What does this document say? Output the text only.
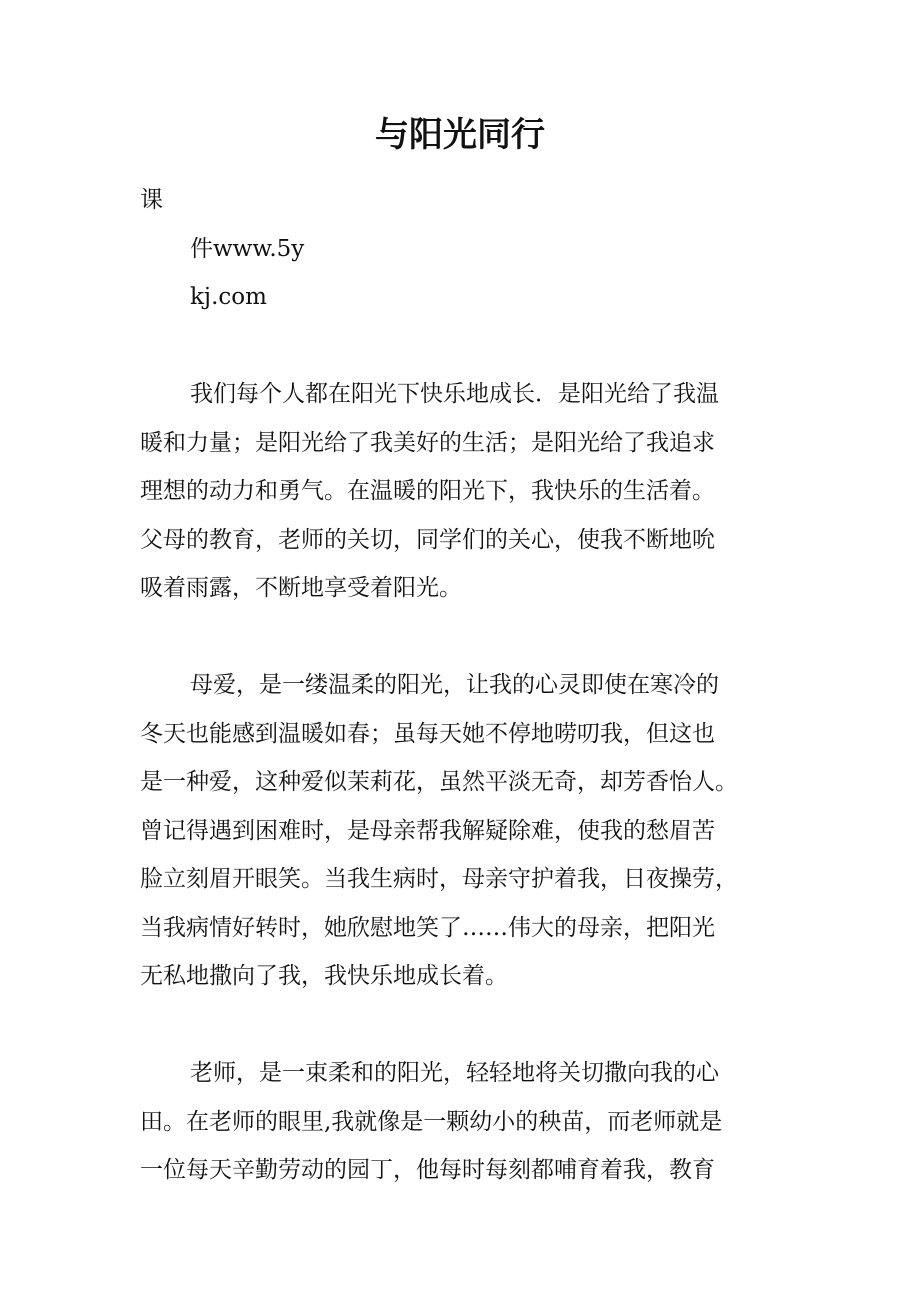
与阳光同行
课
件www.5y
kj.com
我们每个人都在阳光下快乐地成长．是阳光给了我温
暖和力量；是阳光给了我美好的生活；是阳光给了我追求
理想的动力和勇气。在温暖的阳光下，我快乐的生活着。
父母的教育，老师的关切，同学们的关心，使我不断地吮
吸着雨露，不断地享受着阳光。
母爱，是一缕温柔的阳光，让我的心灵即使在寒冷的
冬天也能感到温暖如春；虽每天她不停地唠叨我，但这也
是一种爱，这种爱似茉莉花，虽然平淡无奇，却芳香怡人。
曾记得遇到困难时，是母亲帮我解疑除难，使我的愁眉苦
脸立刻眉开眼笑。当我生病时，母亲守护着我，日夜操劳，
当我病情好转时，她欣慰地笑了……伟大的母亲，把阳光
无私地撒向了我，我快乐地成长着。
老师，是一束柔和的阳光，轻轻地将关切撒向我的心
田。在老师的眼里,我就像是一颗幼小的秧苗，而老师就是
一位每天辛勤劳动的园丁，他每时每刻都哺育着我，教育
